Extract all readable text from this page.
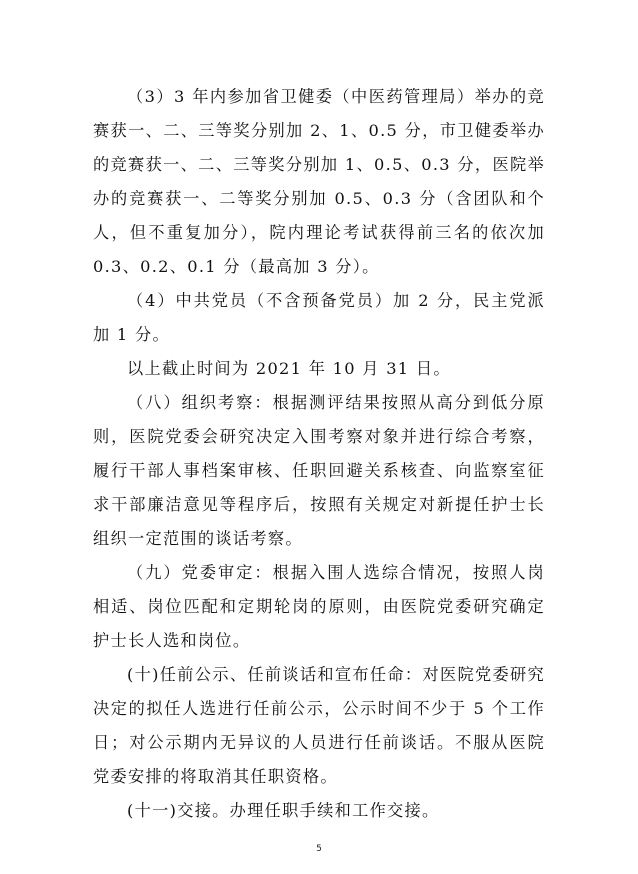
（3）3 年内参加省卫健委（中医药管理局）举办的竞赛获一、二、三等奖分别加 2、1、0.5 分，市卫健委举办的竞赛获一、二、三等奖分别加 1、0.5、0.3 分，医院举办的竞赛获一、二等奖分别加 0.5、0.3 分（含团队和个人，但不重复加分），院内理论考试获得前三名的依次加 0.3、0.2、0.1 分（最高加 3 分）。

（4）中共党员（不含预备党员）加 2 分，民主党派加 1 分。

以上截止时间为 2021 年 10 月 31 日。

（八）组织考察：根据测评结果按照从高分到低分原则，医院党委会研究决定入围考察对象并进行综合考察，履行干部人事档案审核、任职回避关系核查、向监察室征求干部廉洁意见等程序后，按照有关规定对新提任护士长组织一定范围的谈话考察。

（九）党委审定：根据入围人选综合情况，按照人岗相适、岗位匹配和定期轮岗的原则，由医院党委研究确定护士长人选和岗位。

(十)任前公示、任前谈话和宣布任命：对医院党委研究决定的拟任人选进行任前公示，公示时间不少于 5 个工作日；对公示期内无异议的人员进行任前谈话。不服从医院党委安排的将取消其任职资格。

(十一)交接。办理任职手续和工作交接。

5
